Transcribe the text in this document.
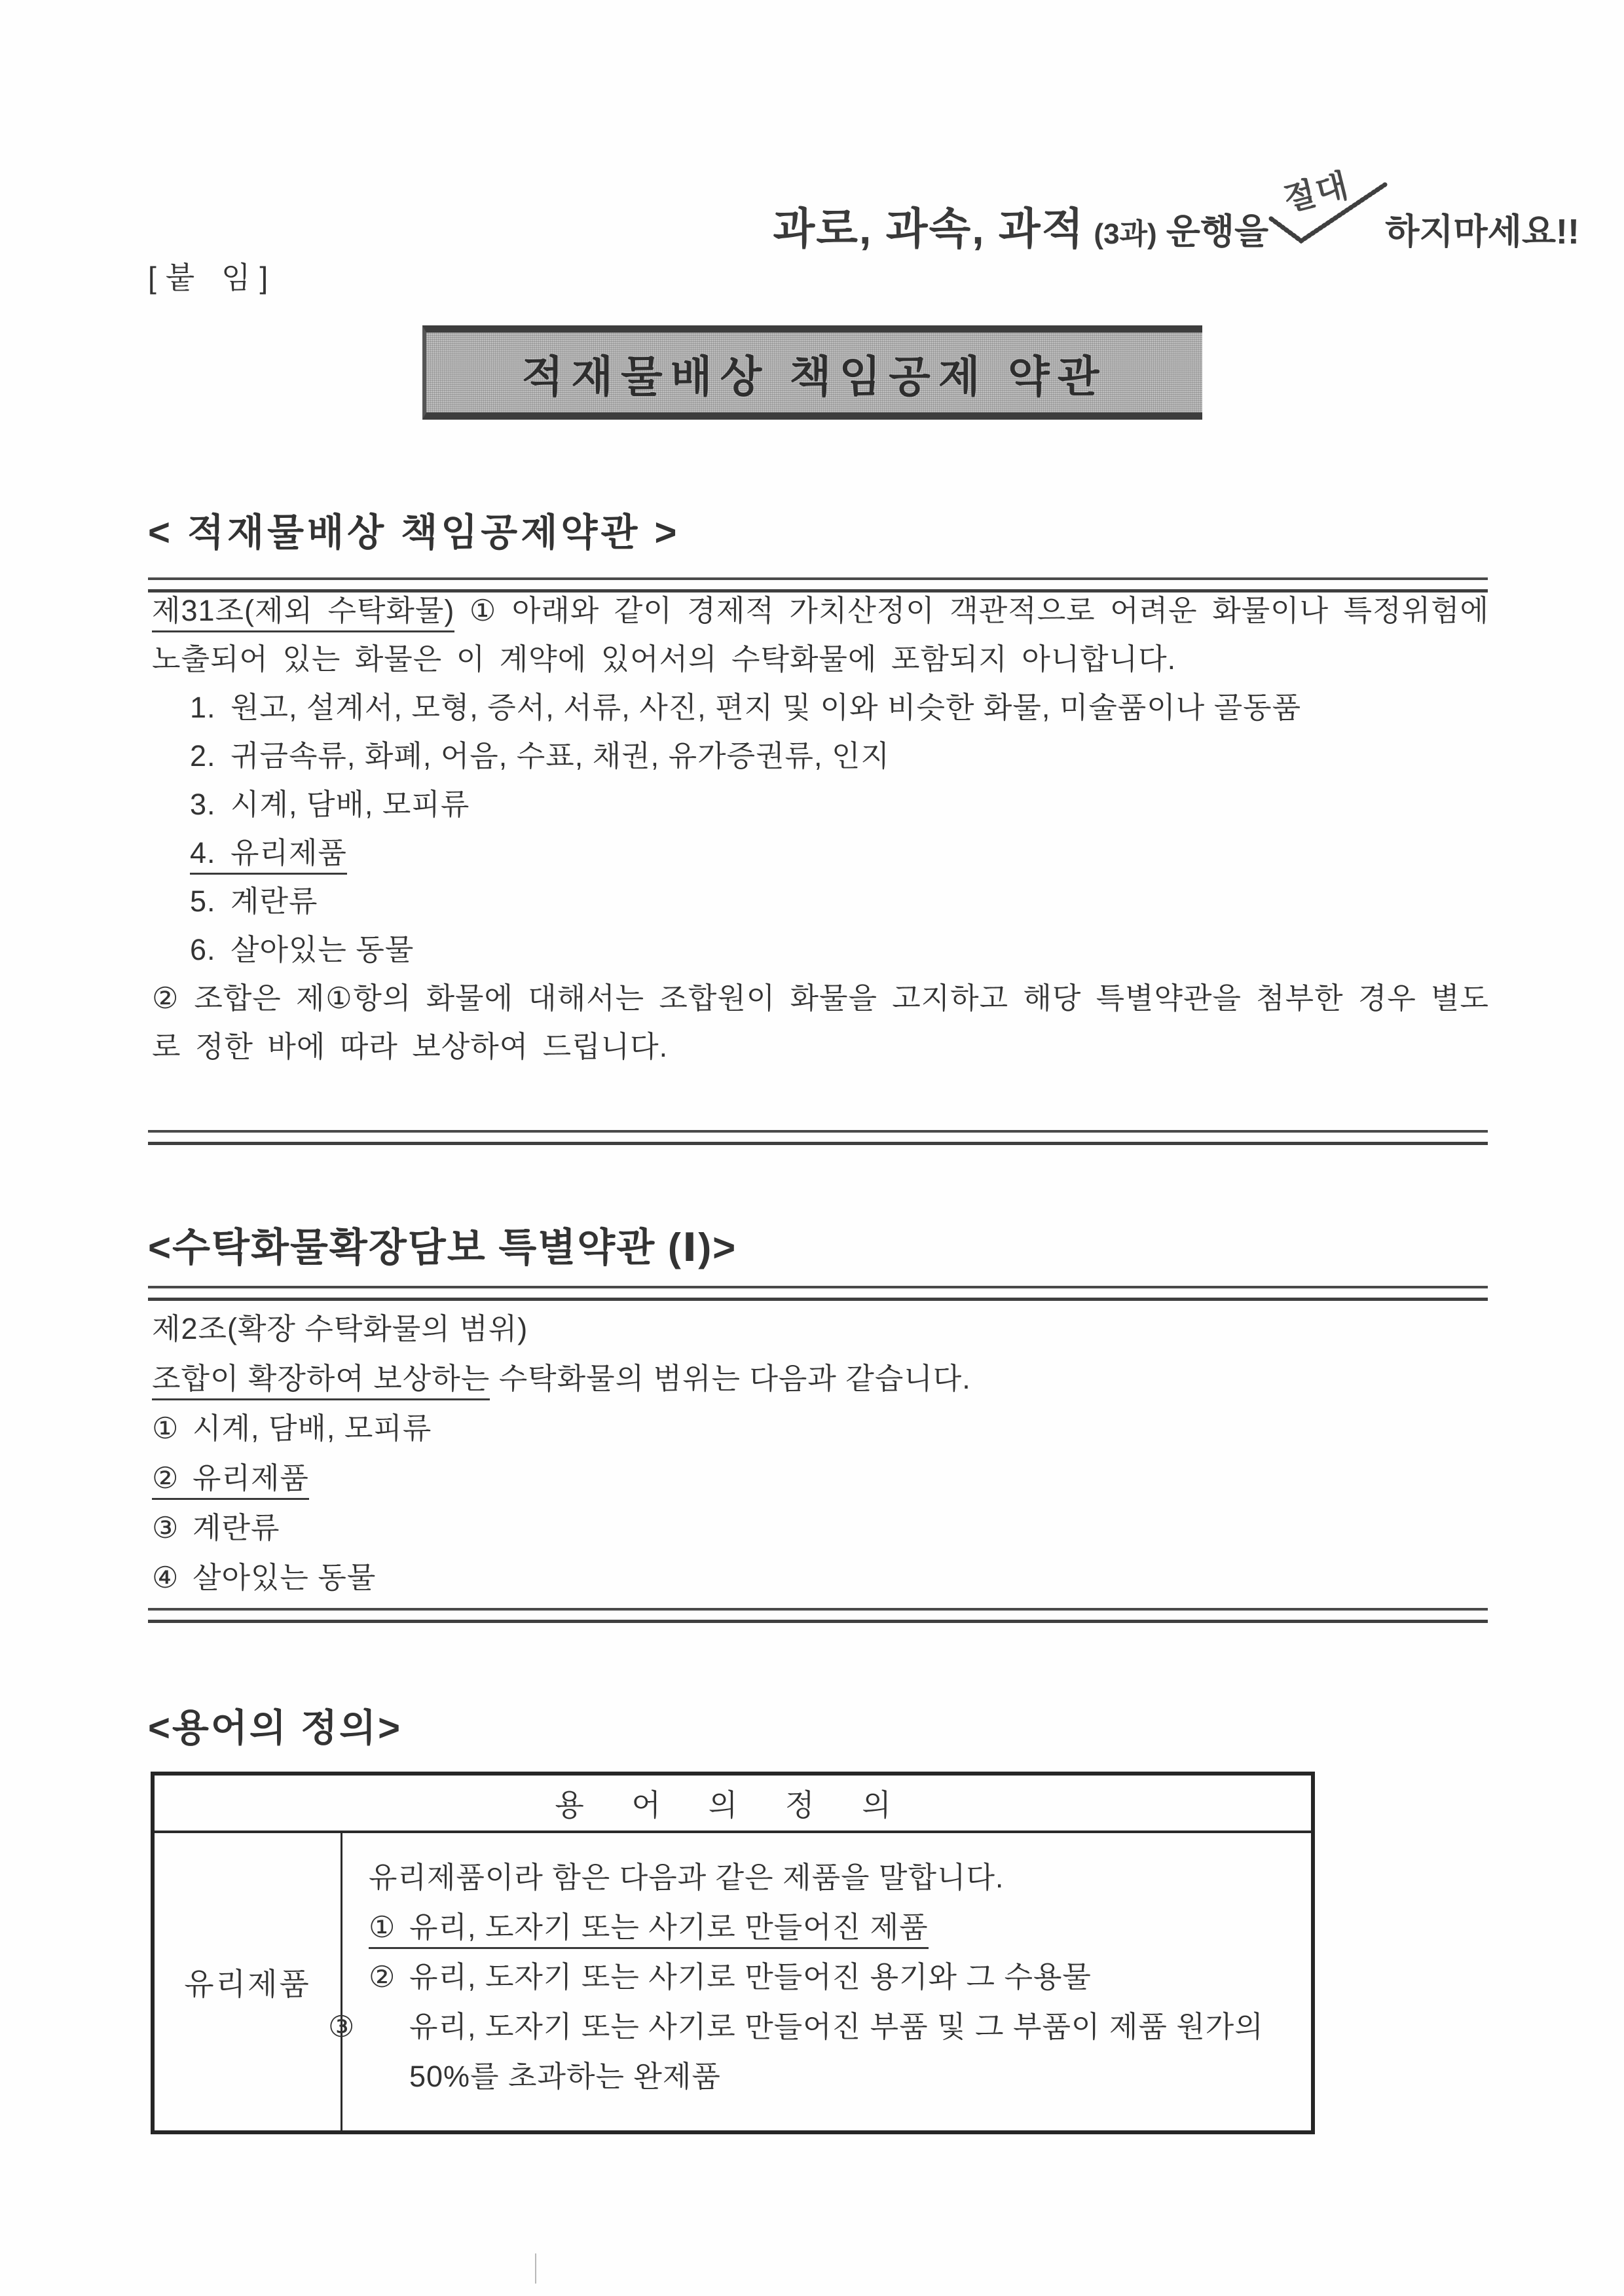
과로, 과속, 과적 (3과) 운행을
절대
하지마세요!!
[붙 임]
적재물배상 책임공제 약관
< 적재물배상 책임공제약관 >
제31조(제외 수탁화물) ① 아래와 같이 경제적 가치산정이 객관적으로 어려운 화물이나 특정위험에 노출되어 있는 화물은 이 계약에 있어서의 수탁화물에 포함되지 아니합니다.
1. 원고, 설계서, 모형, 증서, 서류, 사진, 편지 및 이와 비슷한 화물, 미술품이나 골동품
2. 귀금속류, 화폐, 어음, 수표, 채권, 유가증권류, 인지
3. 시계, 담배, 모피류
4. 유리제품
5. 계란류
6. 살아있는 동물
② 조합은 제①항의 화물에 대해서는 조합원이 화물을 고지하고 해당 특별약관을 첨부한 경우 별도로 정한 바에 따라 보상하여 드립니다.
<수탁화물확장담보 특별약관 (Ⅰ)>
제2조(확장 수탁화물의 범위)
조합이 확장하여 보상하는 수탁화물의 범위는 다음과 같습니다.
① 시계, 담배, 모피류
② 유리제품
③ 계란류
④ 살아있는 동물
<용어의 정의>
용 어 의 정 의
유리제품
유리제품이라 함은 다음과 같은 제품을 말합니다.
① 유리, 도자기 또는 사기로 만들어진 제품
② 유리, 도자기 또는 사기로 만들어진 용기와 그 수용물
③ 유리, 도자기 또는 사기로 만들어진 부품 및 그 부품이 제품 원가의 50%를 초과하는 완제품
